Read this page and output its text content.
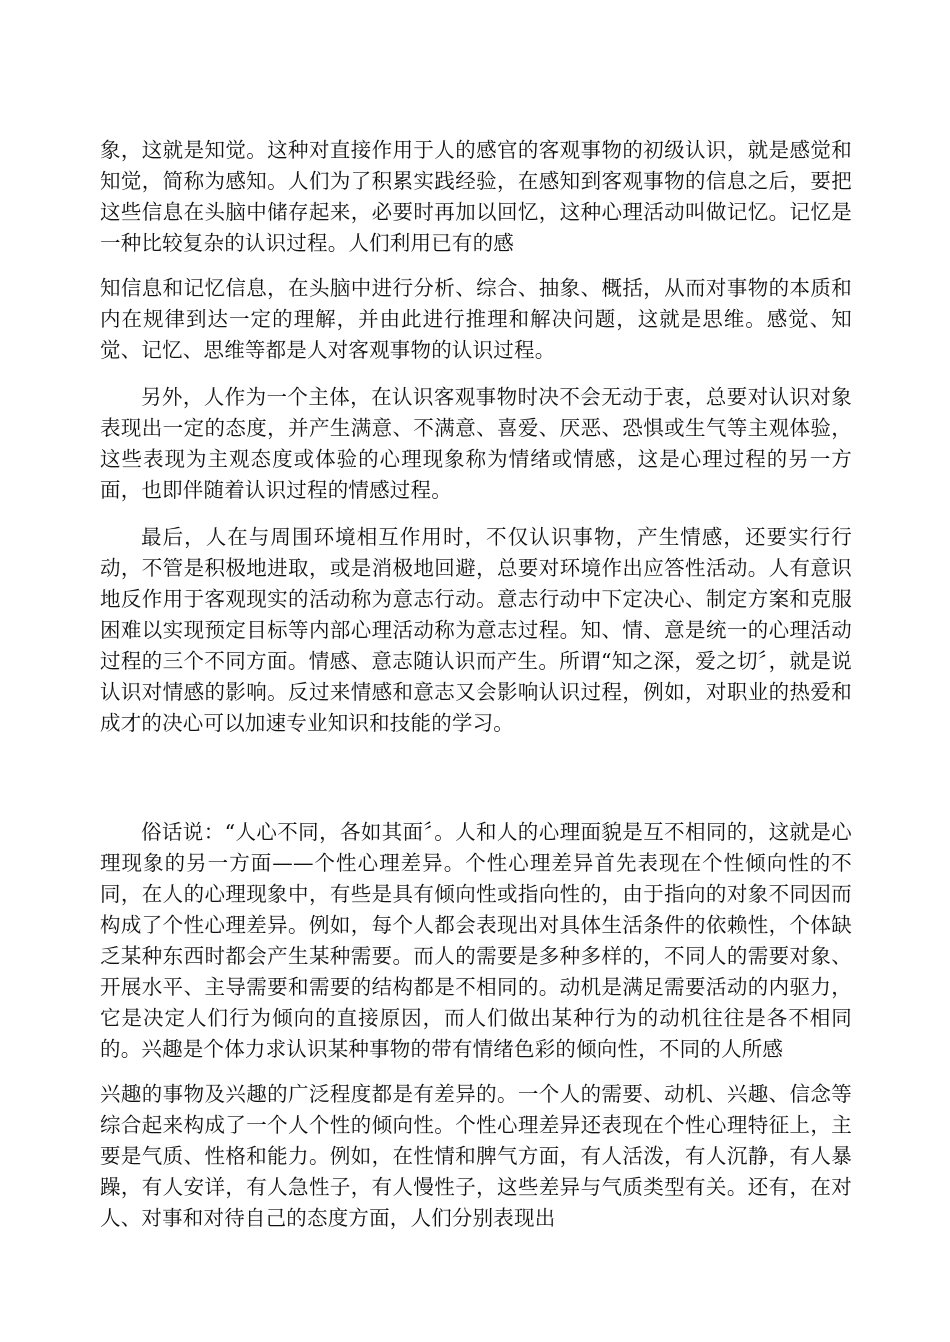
象，这就是知觉。这种对直接作用于人的感官的客观事物的初级认识，就是感觉和知觉，简称为感知。人们为了积累实践经验，在感知到客观事物的信息之后，要把这些信息在头脑中储存起来，必要时再加以回忆，这种心理活动叫做记忆。记忆是一种比较复杂的认识过程。人们利用已有的感

知信息和记忆信息，在头脑中进行分析、综合、抽象、概括，从而对事物的本质和内在规律到达一定的理解，并由此进行推理和解决问题，这就是思维。感觉、知觉、记忆、思维等都是人对客观事物的认识过程。

另外，人作为一个主体，在认识客观事物时决不会无动于衷，总要对认识对象表现出一定的态度，并产生满意、不满意、喜爱、厌恶、恐惧或生气等主观体验，这些表现为主观态度或体验的心理现象称为情绪或情感，这是心理过程的另一方面，也即伴随着认识过程的情感过程。

最后，人在与周围环境相互作用时，不仅认识事物，产生情感，还要实行行动，不管是积极地进取，或是消极地回避，总要对环境作出应答性活动。人有意识地反作用于客观现实的活动称为意志行动。意志行动中下定决心、制定方案和克服困难以实现预定目标等内部心理活动称为意志过程。知、情、意是统一的心理活动过程的三个不同方面。情感、意志随认识而产生。所谓“知之深，爱之切〞，就是说认识对情感的影响。反过来情感和意志又会影响认识过程，例如，对职业的热爱和成才的决心可以加速专业知识和技能的学习。

俗话说：“人心不同，各如其面〞。人和人的心理面貌是互不相同的，这就是心理现象的另一方面——个性心理差异。个性心理差异首先表现在个性倾向性的不同，在人的心理现象中，有些是具有倾向性或指向性的，由于指向的对象不同因而构成了个性心理差异。例如，每个人都会表现出对具体生活条件的依赖性，个体缺乏某种东西时都会产生某种需要。而人的需要是多种多样的，不同人的需要对象、开展水平、主导需要和需要的结构都是不相同的。动机是满足需要活动的内驱力，它是决定人们行为倾向的直接原因，而人们做出某种行为的动机往往是各不相同的。兴趣是个体力求认识某种事物的带有情绪色彩的倾向性，不同的人所感

兴趣的事物及兴趣的广泛程度都是有差异的。一个人的需要、动机、兴趣、信念等综合起来构成了一个人个性的倾向性。个性心理差异还表现在个性心理特征上，主要是气质、性格和能力。例如，在性情和脾气方面，有人活泼，有人沉静，有人暴躁，有人安详，有人急性子，有人慢性子，这些差异与气质类型有关。还有，在对人、对事和对待自己的态度方面，人们分别表现出
